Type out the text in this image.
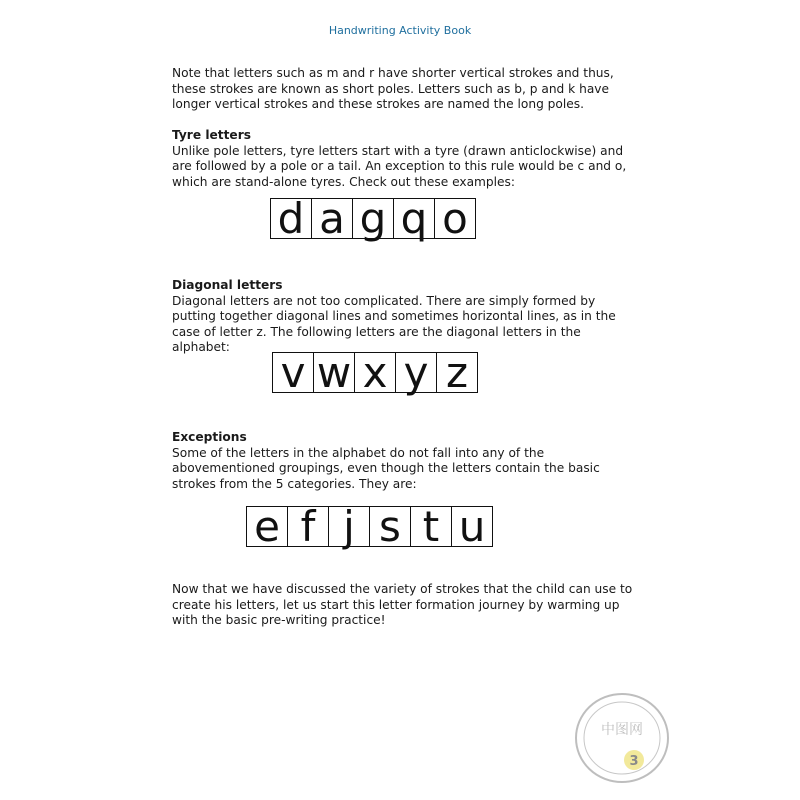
Handwriting Activity Book

Note that letters such as m and r have shorter vertical strokes and thus, these strokes are known as short poles. Letters such as b, p and k have longer vertical strokes and these strokes are named the long poles.

Tyre letters
Unlike pole letters, tyre letters start with a tyre (drawn anticlockwise) and are followed by a pole or a tail. An exception to this rule would be c and o, which are stand-alone tyres. Check out these examples:
d a g q o
Diagonal letters
Diagonal letters are not too complicated. There are simply formed by putting together diagonal lines and sometimes horizontal lines, as in the case of letter z. The following letters are the diagonal letters in the alphabet:
v w x y z
Exceptions
Some of the letters in the alphabet do not fall into any of the abovementioned groupings, even though the letters contain the basic strokes from the 5 categories. They are:
e f j s t u

Now that we have discussed the variety of strokes that the child can use to create his letters, let us start this letter formation journey by warming up with the basic pre-writing practice!

中图网
3
